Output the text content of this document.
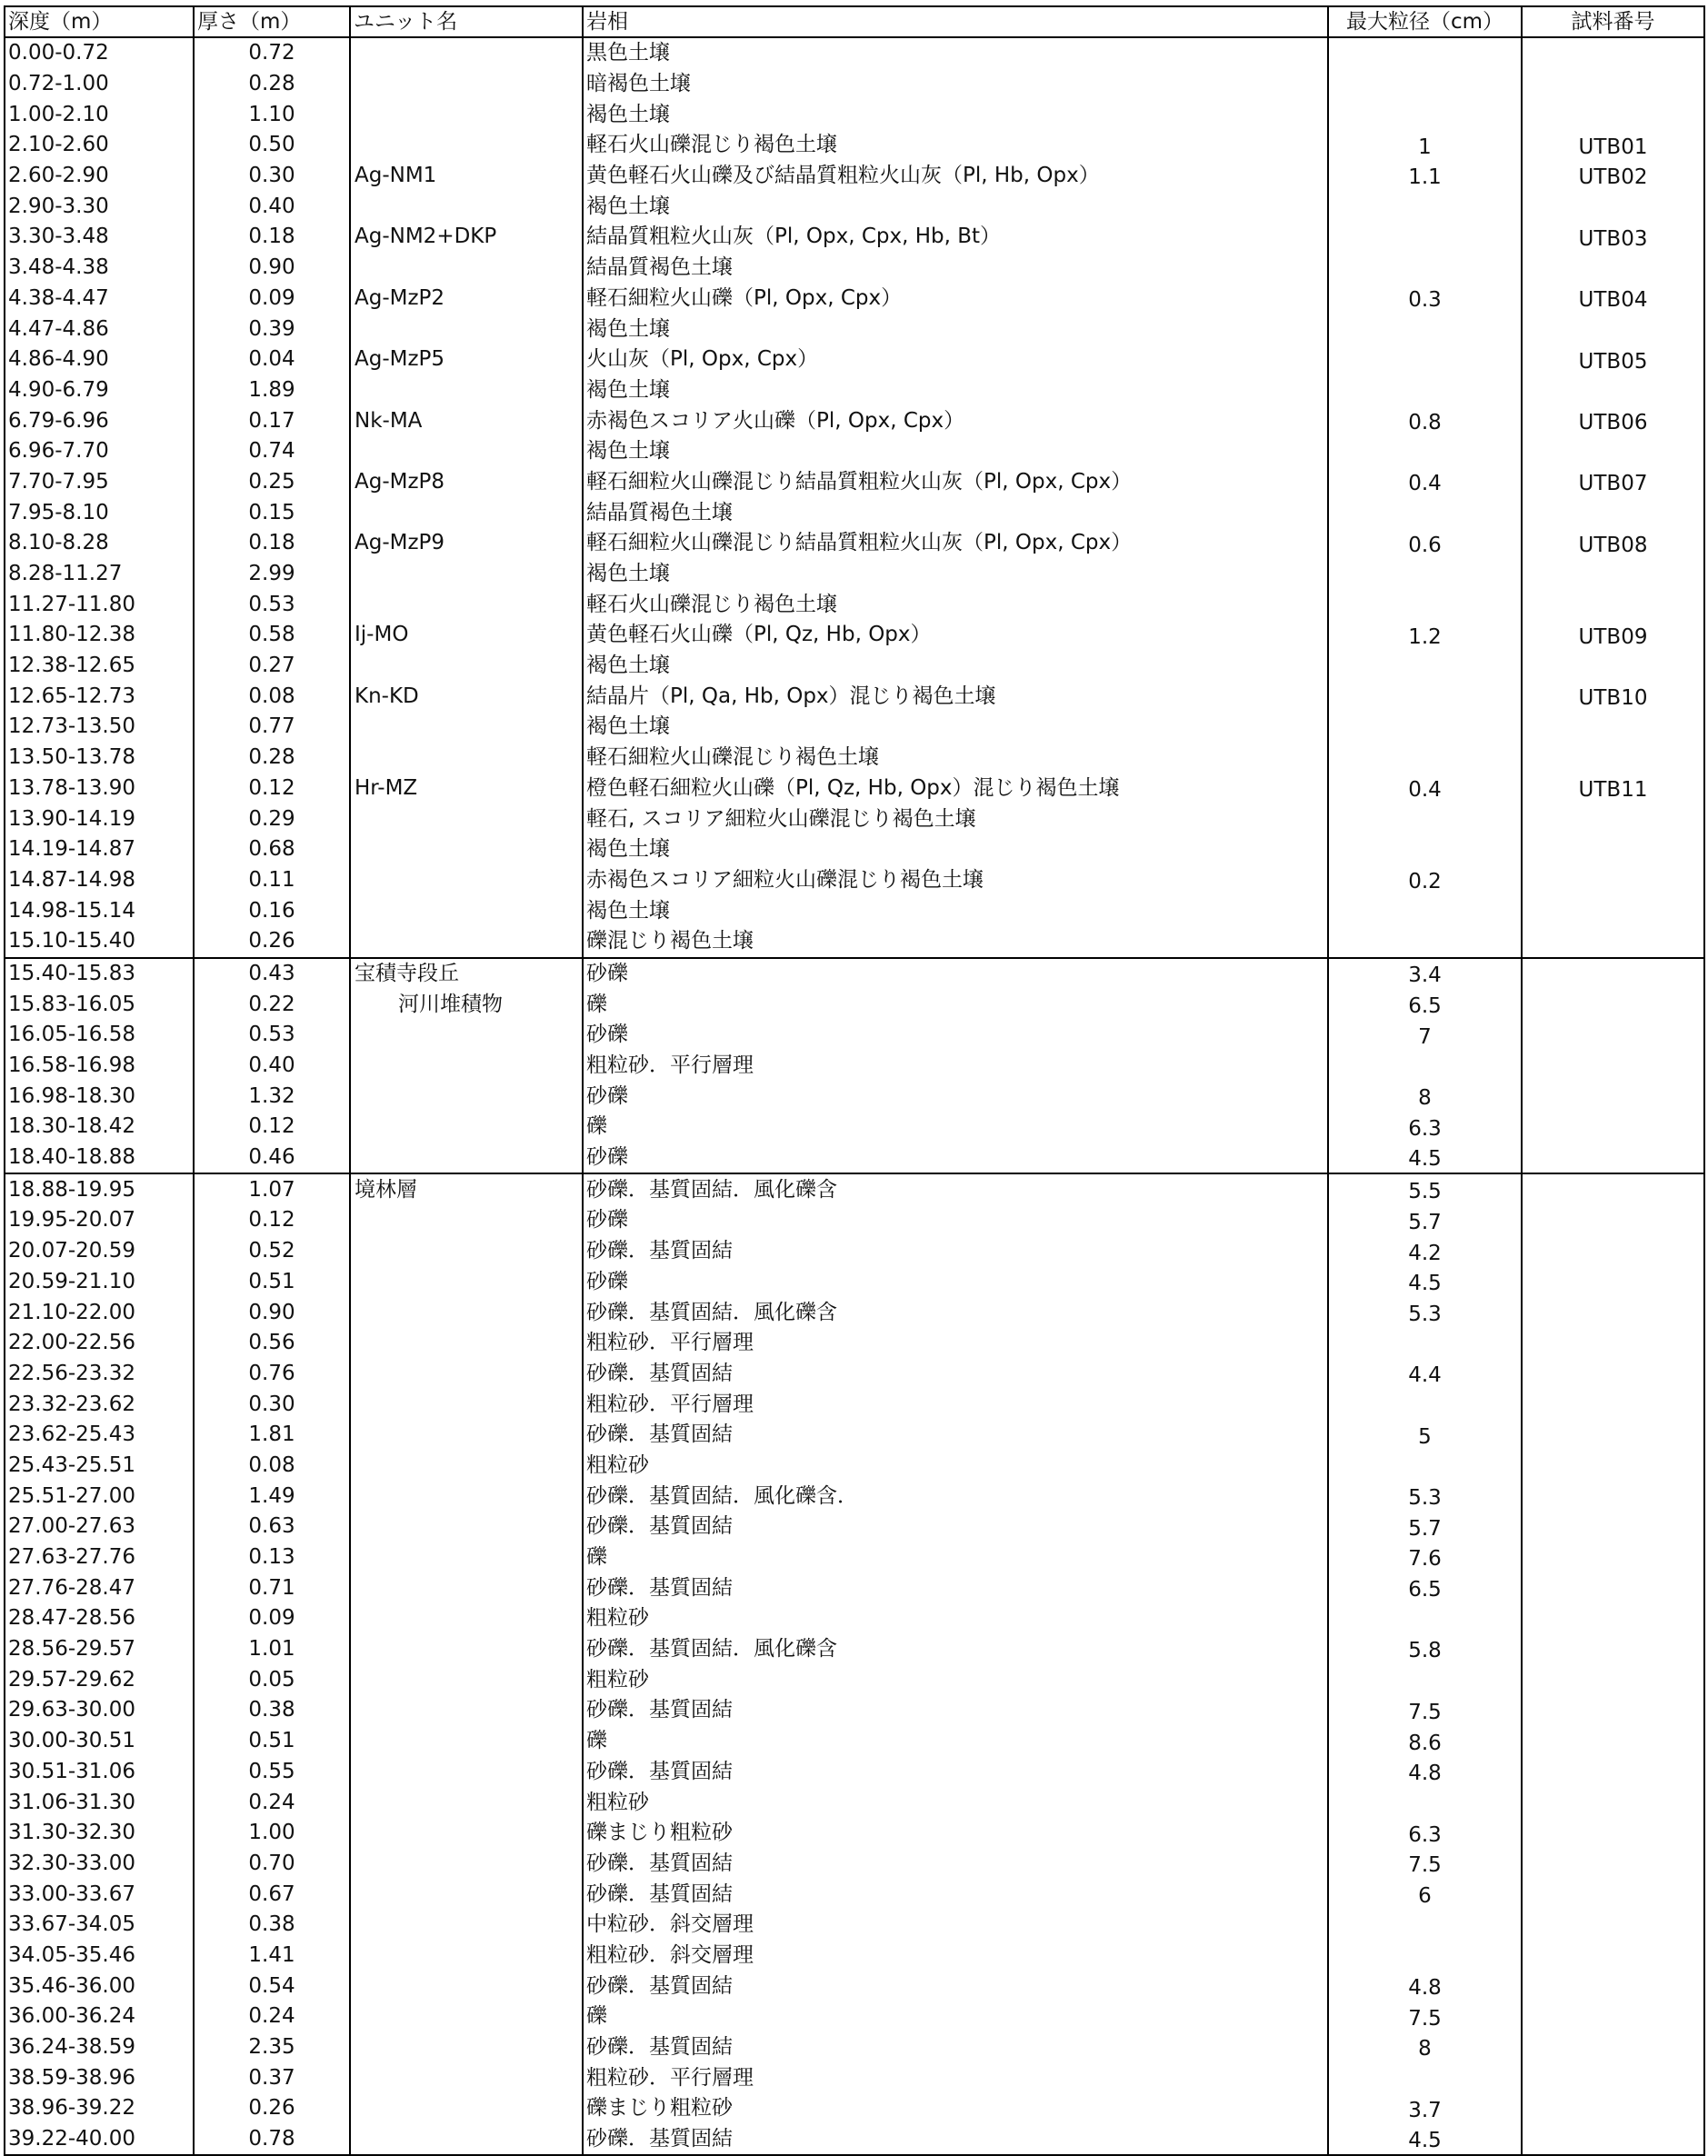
深度（m）	厚さ（m）	ユニット名	岩相	最大粒径（cm）	試料番号
0.00-0.72	0.72		黒色土壌		
0.72-1.00	0.28		暗褐色土壌		
1.00-2.10	1.10		褐色土壌		
2.10-2.60	0.50		軽石火山礫混じり褐色土壌	1	UTB01
2.60-2.90	0.30	Ag-NM1	黄色軽石火山礫及び結晶質粗粒火山灰（Pl, Hb, Opx）	1.1	UTB02
2.90-3.30	0.40		褐色土壌		
3.30-3.48	0.18	Ag-NM2+DKP	結晶質粗粒火山灰（Pl, Opx, Cpx, Hb, Bt）		UTB03
3.48-4.38	0.90		結晶質褐色土壌		
4.38-4.47	0.09	Ag-MzP2	軽石細粒火山礫（Pl, Opx, Cpx）	0.3	UTB04
4.47-4.86	0.39		褐色土壌		
4.86-4.90	0.04	Ag-MzP5	火山灰（Pl, Opx, Cpx）		UTB05
4.90-6.79	1.89		褐色土壌		
6.79-6.96	0.17	Nk-MA	赤褐色スコリア火山礫（Pl, Opx, Cpx）	0.8	UTB06
6.96-7.70	0.74		褐色土壌		
7.70-7.95	0.25	Ag-MzP8	軽石細粒火山礫混じり結晶質粗粒火山灰（Pl, Opx, Cpx）	0.4	UTB07
7.95-8.10	0.15		結晶質褐色土壌		
8.10-8.28	0.18	Ag-MzP9	軽石細粒火山礫混じり結晶質粗粒火山灰（Pl, Opx, Cpx）	0.6	UTB08
8.28-11.27	2.99		褐色土壌		
11.27-11.80	0.53		軽石火山礫混じり褐色土壌		
11.80-12.38	0.58	Ij-MO	黄色軽石火山礫（Pl, Qz, Hb, Opx）	1.2	UTB09
12.38-12.65	0.27		褐色土壌		
12.65-12.73	0.08	Kn-KD	結晶片（Pl, Qa, Hb, Opx）混じり褐色土壌		UTB10
12.73-13.50	0.77		褐色土壌		
13.50-13.78	0.28		軽石細粒火山礫混じり褐色土壌		
13.78-13.90	0.12	Hr-MZ	橙色軽石細粒火山礫（Pl, Qz, Hb, Opx）混じり褐色土壌	0.4	UTB11
13.90-14.19	0.29		軽石, スコリア細粒火山礫混じり褐色土壌		
14.19-14.87	0.68		褐色土壌		
14.87-14.98	0.11		赤褐色スコリア細粒火山礫混じり褐色土壌	0.2	
14.98-15.14	0.16		褐色土壌		
15.10-15.40	0.26		礫混じり褐色土壌		
15.40-15.83	0.43	宝積寺段丘	砂礫	3.4	
15.83-16.05	0.22	河川堆積物	礫	6.5	
16.05-16.58	0.53		砂礫	7	
16.58-16.98	0.40		粗粒砂．平行層理		
16.98-18.30	1.32		砂礫	8	
18.30-18.42	0.12		礫	6.3	
18.40-18.88	0.46		砂礫	4.5	
18.88-19.95	1.07	境林層	砂礫．基質固結．風化礫含	5.5	
19.95-20.07	0.12		砂礫	5.7	
20.07-20.59	0.52		砂礫．基質固結	4.2	
20.59-21.10	0.51		砂礫	4.5	
21.10-22.00	0.90		砂礫．基質固結．風化礫含	5.3	
22.00-22.56	0.56		粗粒砂．平行層理		
22.56-23.32	0.76		砂礫．基質固結	4.4	
23.32-23.62	0.30		粗粒砂．平行層理		
23.62-25.43	1.81		砂礫．基質固結	5	
25.43-25.51	0.08		粗粒砂		
25.51-27.00	1.49		砂礫．基質固結．風化礫含．	5.3	
27.00-27.63	0.63		砂礫．基質固結	5.7	
27.63-27.76	0.13		礫	7.6	
27.76-28.47	0.71		砂礫．基質固結	6.5	
28.47-28.56	0.09		粗粒砂		
28.56-29.57	1.01		砂礫．基質固結．風化礫含	5.8	
29.57-29.62	0.05		粗粒砂		
29.63-30.00	0.38		砂礫．基質固結	7.5	
30.00-30.51	0.51		礫	8.6	
30.51-31.06	0.55		砂礫．基質固結	4.8	
31.06-31.30	0.24		粗粒砂		
31.30-32.30	1.00		礫まじり粗粒砂	6.3	
32.30-33.00	0.70		砂礫．基質固結	7.5	
33.00-33.67	0.67		砂礫．基質固結	6	
33.67-34.05	0.38		中粒砂．斜交層理		
34.05-35.46	1.41		粗粒砂．斜交層理		
35.46-36.00	0.54		砂礫．基質固結	4.8	
36.00-36.24	0.24		礫	7.5	
36.24-38.59	2.35		砂礫．基質固結	8	
38.59-38.96	0.37		粗粒砂．平行層理		
38.96-39.22	0.26		礫まじり粗粒砂	3.7	
39.22-40.00	0.78		砂礫．基質固結	4.5	
